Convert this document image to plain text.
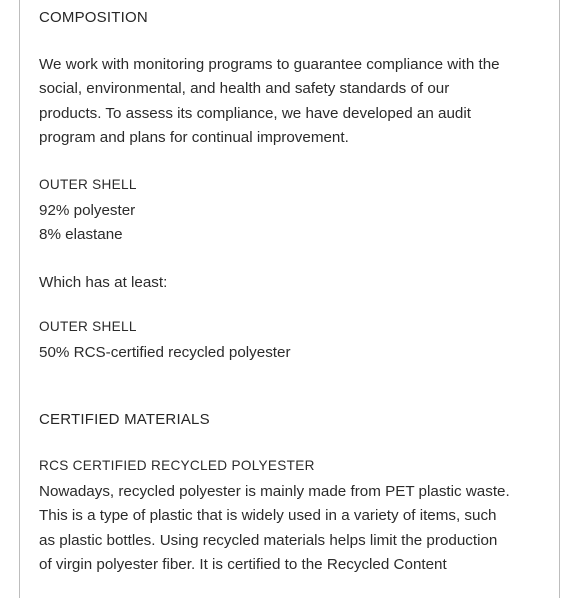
COMPOSITION
We work with monitoring programs to guarantee compliance with the
social, environmental, and health and safety standards of our
products. To assess its compliance, we have developed an audit
program and plans for continual improvement.
OUTER SHELL
92% polyester
8% elastane
Which has at least:
OUTER SHELL
50% RCS-certified recycled polyester
CERTIFIED MATERIALS
RCS CERTIFIED RECYCLED POLYESTER
Nowadays, recycled polyester is mainly made from PET plastic waste.
This is a type of plastic that is widely used in a variety of items, such
as plastic bottles. Using recycled materials helps limit the production
of virgin polyester fiber. It is certified to the Recycled Content
